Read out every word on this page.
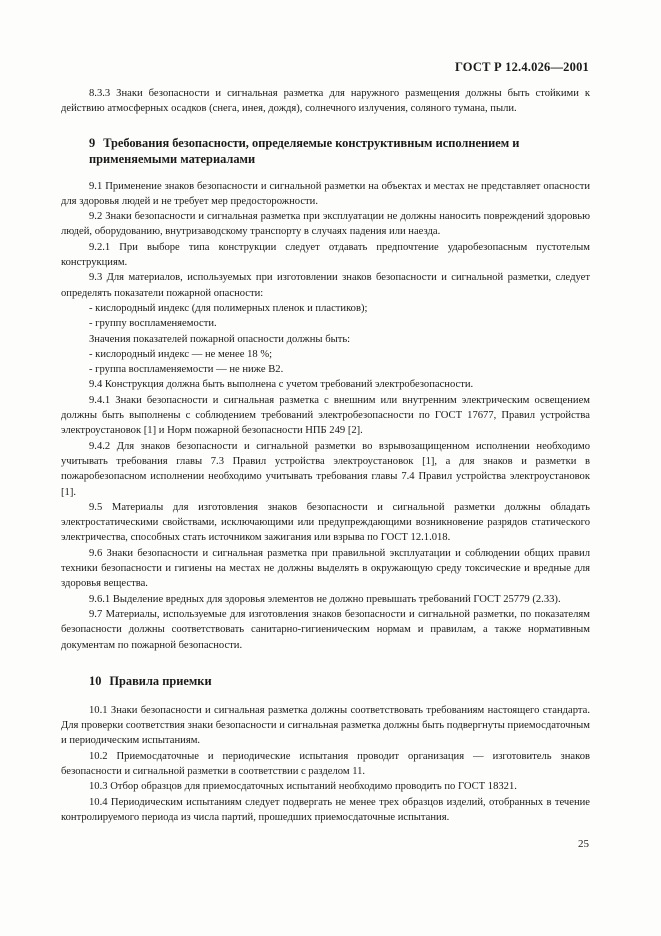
ГОСТ Р 12.4.026—2001

8.3.3 Знаки безопасности и сигнальная разметка для наружного размещения должны быть стойкими к действию атмосферных осадков (снега, инея, дождя), солнечного излучения, соляного тумана, пыли.

9 Требования безопасности, определяемые конструктивным исполнением и применяемыми материалами

9.1 Применение знаков безопасности и сигнальной разметки на объектах и местах не представляет опасности для здоровья людей и не требует мер предосторожности.

9.2 Знаки безопасности и сигнальная разметка при эксплуатации не должны наносить повреждений здоровью людей, оборудованию, внутризаводскому транспорту в случаях падения или наезда.

9.2.1 При выборе типа конструкции следует отдавать предпочтение ударобезопасным пустотелым конструкциям.

9.3 Для материалов, используемых при изготовлении знаков безопасности и сигнальной разметки, следует определять показатели пожарной опасности:

- кислородный индекс (для полимерных пленок и пластиков);

- группу воспламеняемости.

Значения показателей пожарной опасности должны быть:

- кислородный индекс — не менее 18 %;

- группа воспламеняемости — не ниже В2.

9.4 Конструкция должна быть выполнена с учетом требований электробезопасности.

9.4.1 Знаки безопасности и сигнальная разметка с внешним или внутренним электрическим освещением должны быть выполнены с соблюдением требований электробезопасности по ГОСТ 17677, Правил устройства электроустановок [1] и Норм пожарной безопасности НПБ 249 [2].

9.4.2 Для знаков безопасности и сигнальной разметки во взрывозащищенном исполнении необходимо учитывать требования главы 7.3 Правил устройства электроустановок [1], а для знаков и разметки в пожаробезопасном исполнении необходимо учитывать требования главы 7.4 Правил устройства электроустановок [1].

9.5 Материалы для изготовления знаков безопасности и сигнальной разметки должны обладать электростатическими свойствами, исключающими или предупреждающими возникновение разрядов статического электричества, способных стать источником зажигания или взрыва по ГОСТ 12.1.018.

9.6 Знаки безопасности и сигнальная разметка при правильной эксплуатации и соблюдении общих правил техники безопасности и гигиены на местах не должны выделять в окружающую среду токсические и вредные для здоровья вещества.

9.6.1 Выделение вредных для здоровья элементов не должно превышать требований ГОСТ 25779 (2.33).

9.7 Материалы, используемые для изготовления знаков безопасности и сигнальной разметки, по показателям безопасности должны соответствовать санитарно-гигиеническим нормам и правилам, а также нормативным документам по пожарной безопасности.

10 Правила приемки

10.1 Знаки безопасности и сигнальная разметка должны соответствовать требованиям настоящего стандарта. Для проверки соответствия знаки безопасности и сигнальная разметка должны быть подвергнуты приемосдаточным и периодическим испытаниям.

10.2 Приемосдаточные и периодические испытания проводит организация — изготовитель знаков безопасности и сигнальной разметки в соответствии с разделом 11.

10.3 Отбор образцов для приемосдаточных испытаний необходимо проводить по ГОСТ 18321.

10.4 Периодическим испытаниям следует подвергать не менее трех образцов изделий, отобранных в течение контролируемого периода из числа партий, прошедших приемосдаточные испытания.

25
